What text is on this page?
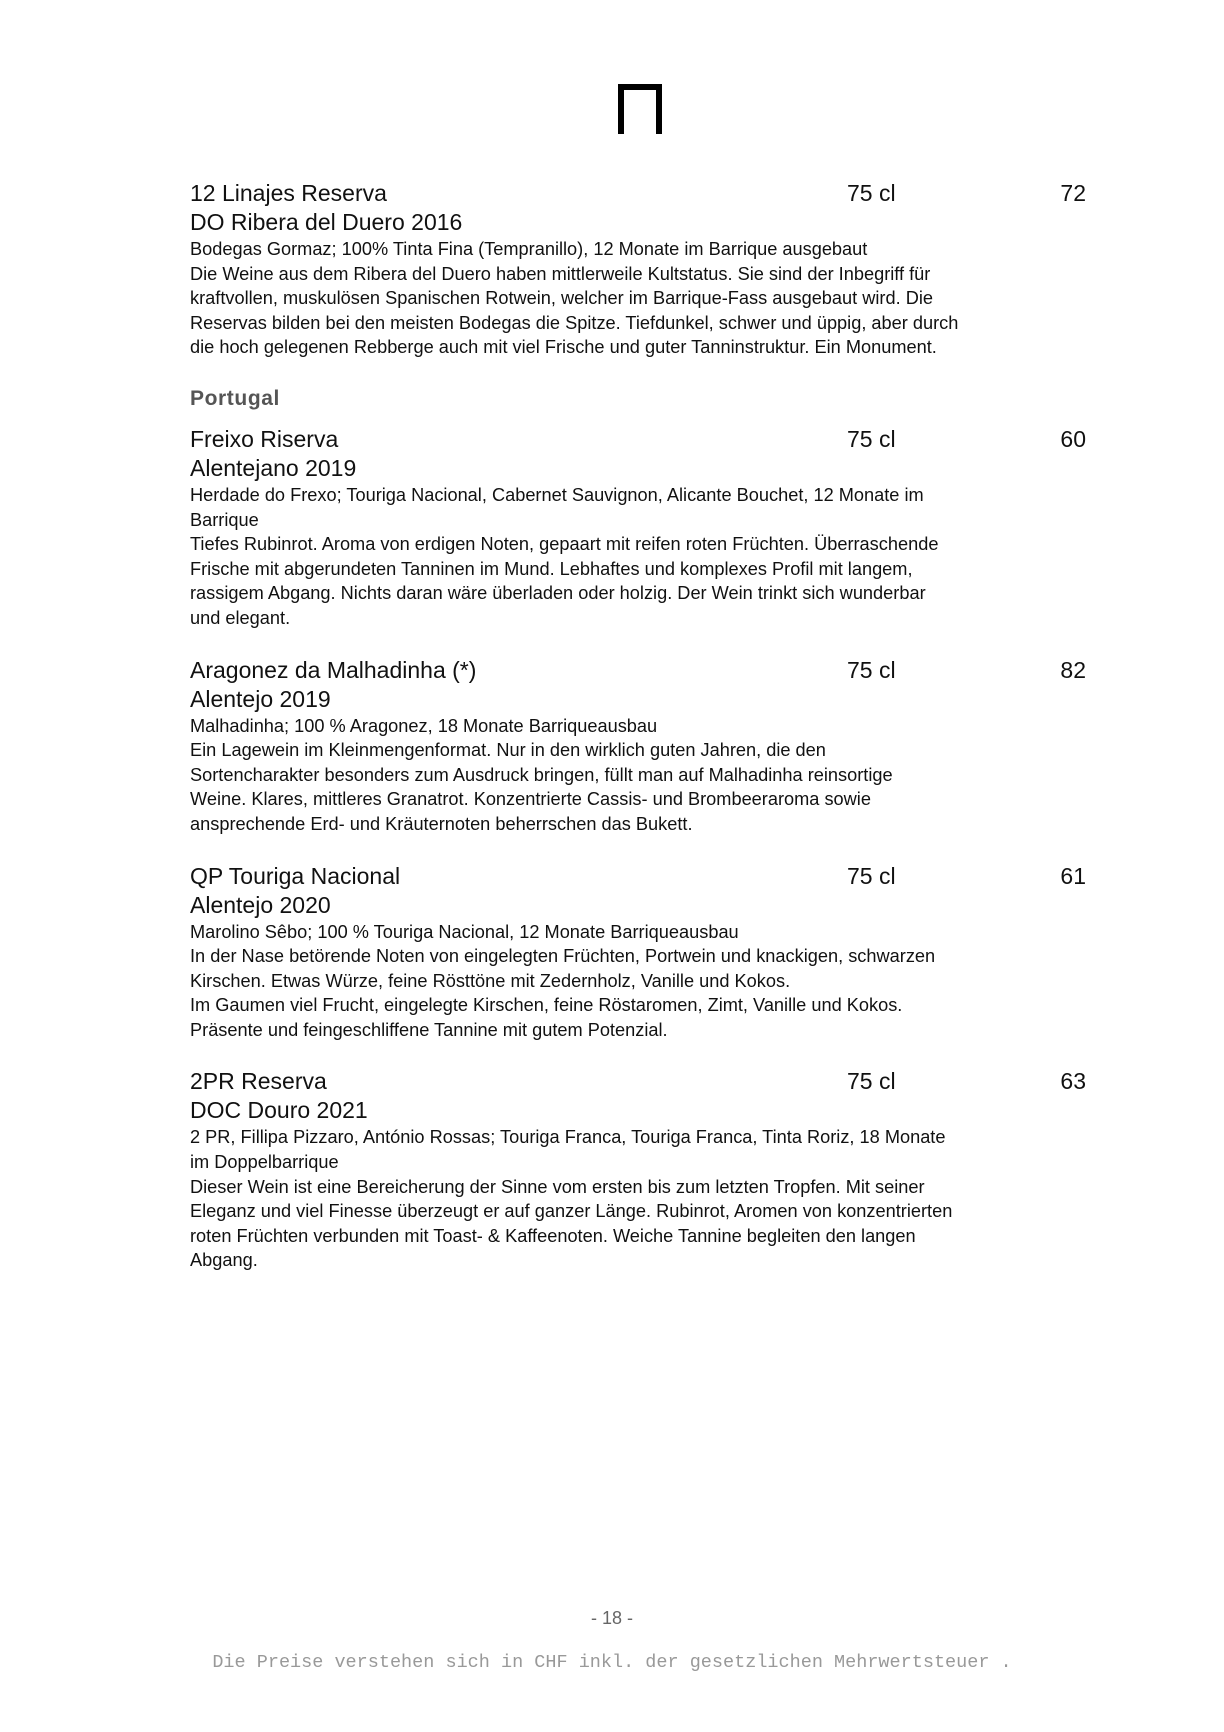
12 Linajes Reserva	75 cl	72
DO Ribera del Duero 2016
Bodegas Gormaz; 100% Tinta Fina (Tempranillo), 12 Monate im Barrique ausgebaut
Die Weine aus dem Ribera del Duero haben mittlerweile Kultstatus. Sie sind der Inbegriff für
kraftvollen, muskulösen Spanischen Rotwein, welcher im Barrique-Fass ausgebaut wird. Die
Reservas bilden bei den meisten Bodegas die Spitze. Tiefdunkel, schwer und üppig, aber durch
die hoch gelegenen Rebberge auch mit viel Frische und guter Tanninstruktur. Ein Monument.
Portugal
Freixo Riserva	75 cl	60
Alentejano 2019
Herdade do Frexo; Touriga Nacional, Cabernet Sauvignon, Alicante Bouchet, 12 Monate im
Barrique
Tiefes Rubinrot. Aroma von erdigen Noten, gepaart mit reifen roten Früchten. Überraschende
Frische mit abgerundeten Tanninen im Mund. Lebhaftes und komplexes Profil mit langem,
rassigem Abgang. Nichts daran wäre überladen oder holzig. Der Wein trinkt sich wunderbar
und elegant.
Aragonez da Malhadinha (*)	75 cl	82
Alentejo 2019
Malhadinha; 100 % Aragonez, 18 Monate Barriqueausbau
Ein Lagewein im Kleinmengenformat. Nur in den wirklich guten Jahren, die den
Sortencharakter besonders zum Ausdruck bringen, füllt man auf Malhadinha reinsortige
Weine. Klares, mittleres Granatrot. Konzentrierte Cassis- und Brombeeraroma sowie
ansprechende Erd- und Kräuternoten beherrschen das Bukett.
QP Touriga Nacional	75 cl	61
Alentejo 2020
Marolino Sêbo; 100 % Touriga Nacional, 12 Monate Barriqueausbau
In der Nase betörende Noten von eingelegten Früchten, Portwein und knackigen, schwarzen
Kirschen. Etwas Würze, feine Rösttöne mit Zedernholz, Vanille und Kokos.
Im Gaumen viel Frucht, eingelegte Kirschen, feine Röstaromen, Zimt, Vanille und Kokos.
Präsente und feingeschliffene Tannine mit gutem Potenzial.
2PR Reserva	75 cl	63
DOC Douro 2021
2 PR, Fillipa Pizzaro, António Rossas; Touriga Franca, Touriga Franca, Tinta Roriz, 18 Monate
im Doppelbarrique
Dieser Wein ist eine Bereicherung der Sinne vom ersten bis zum letzten Tropfen. Mit seiner
Eleganz und viel Finesse überzeugt er auf ganzer Länge. Rubinrot, Aromen von konzentrierten
roten Früchten verbunden mit Toast- & Kaffeenoten. Weiche Tannine begleiten den langen
Abgang.
- 18 -
Die Preise verstehen sich in CHF inkl. der gesetzlichen Mehrwertsteuer .
